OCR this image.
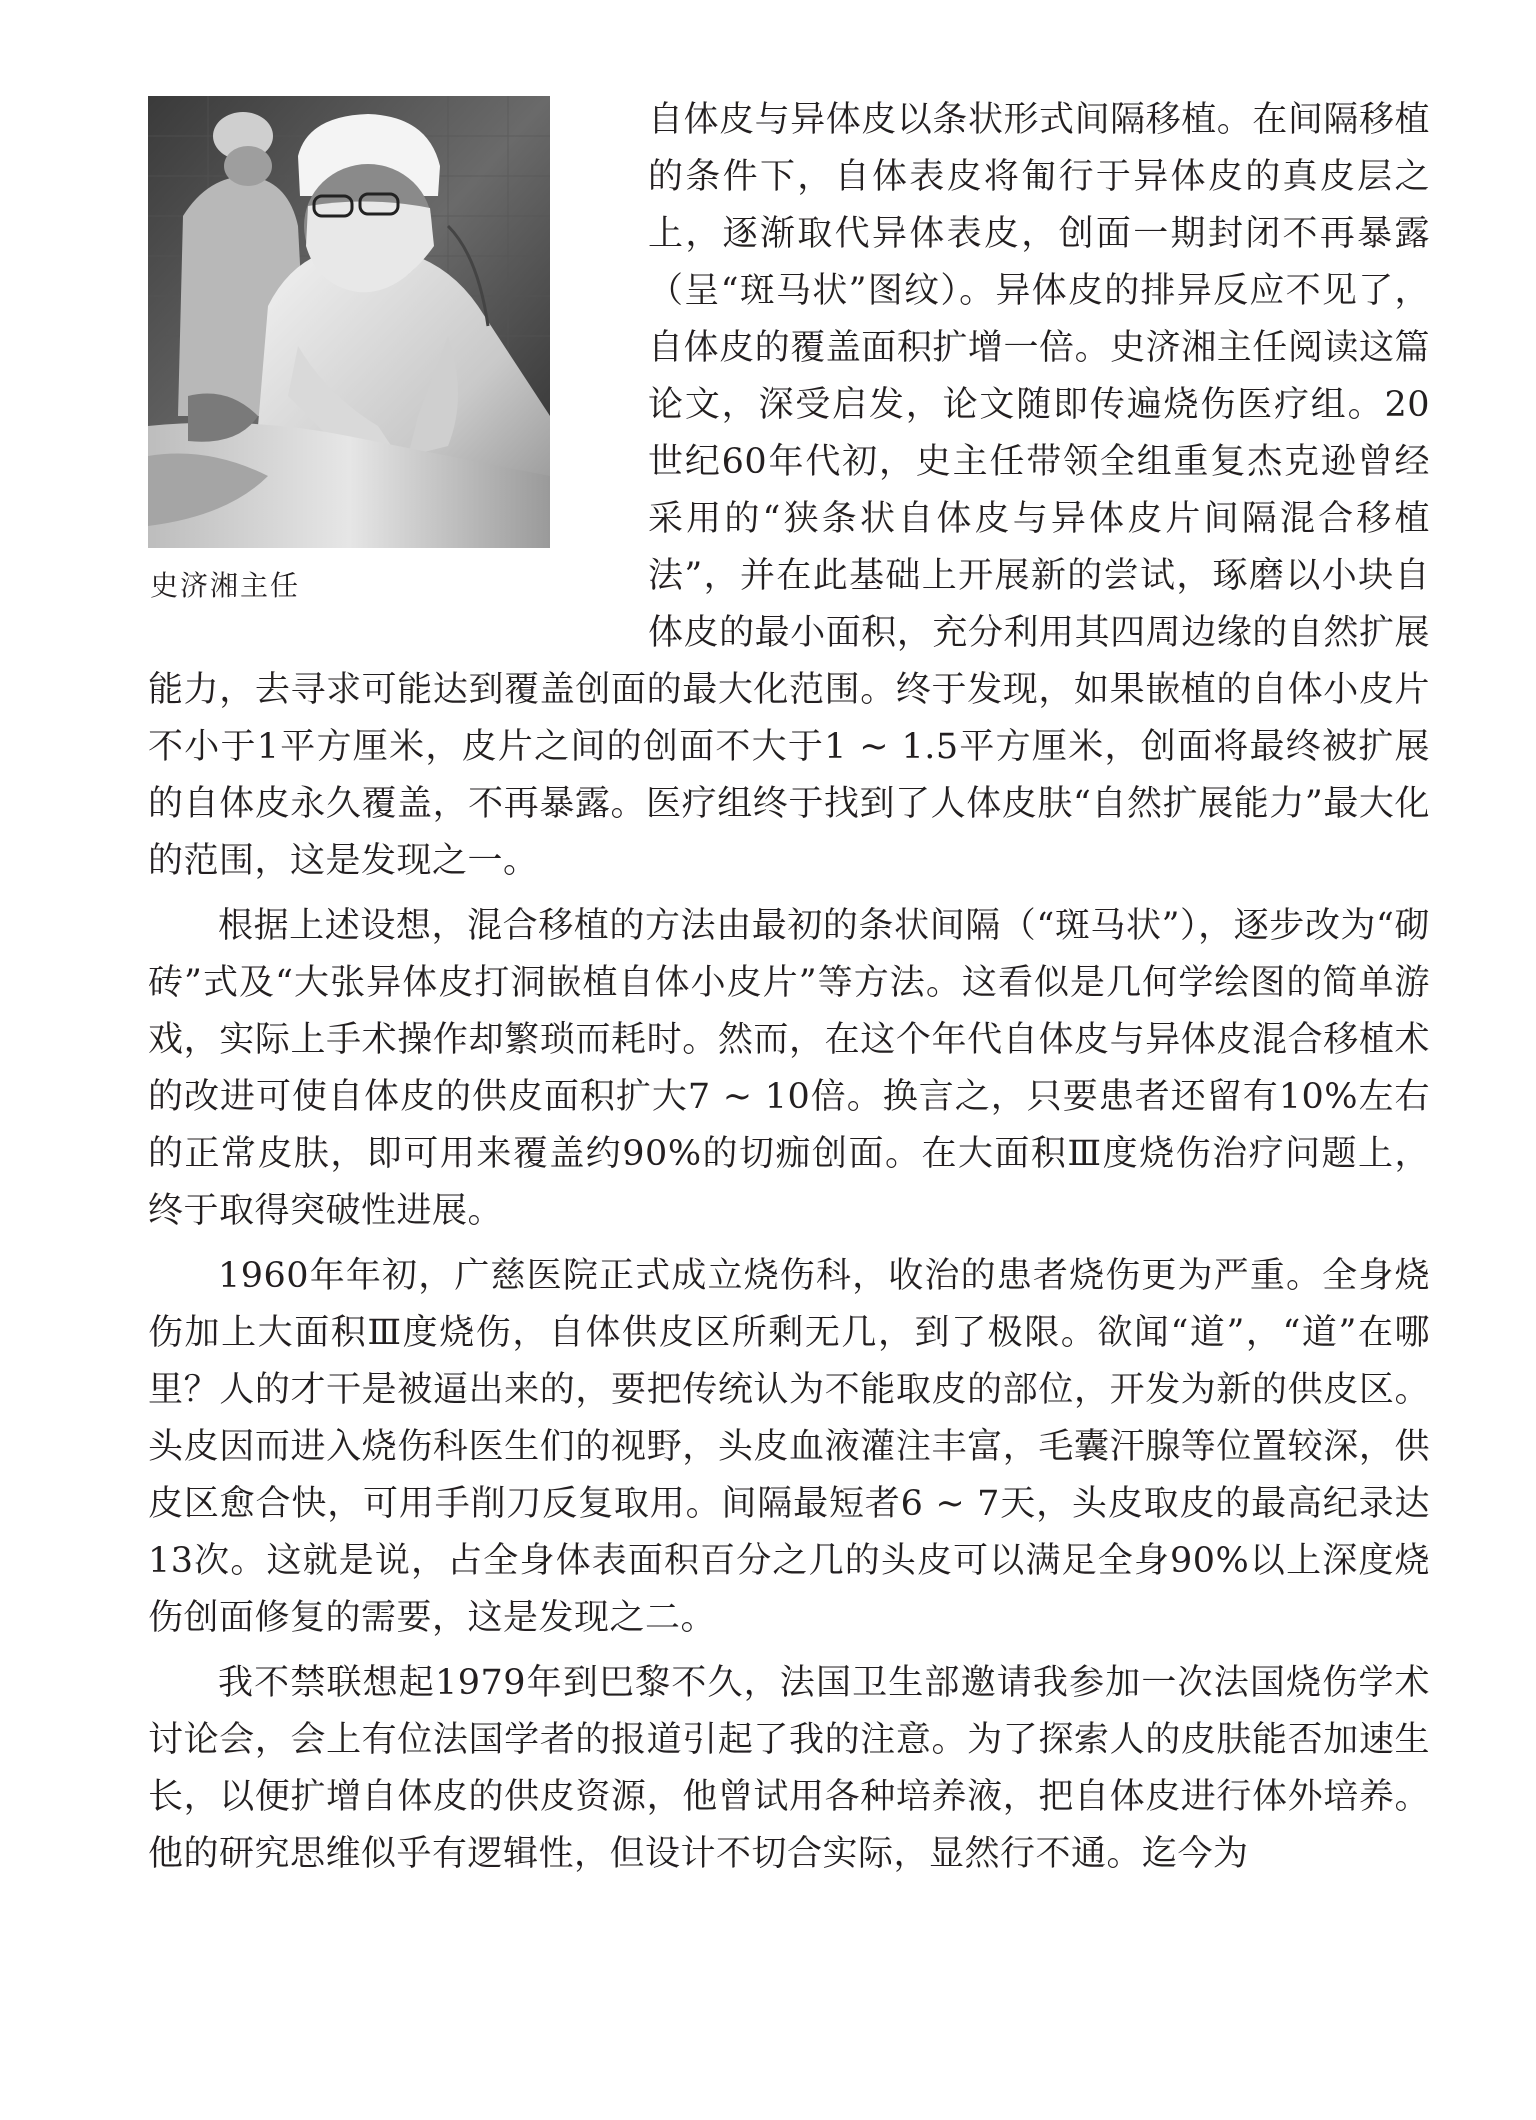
史济湘主任

自体皮与异体皮以条状形式间隔移植。在间隔移植的条件下，自体表皮将匍行于异体皮的真皮层之上，逐渐取代异体表皮，创面一期封闭不再暴露（呈“斑马状”图纹）。异体皮的排异反应不见了，自体皮的覆盖面积扩增一倍。史济湘主任阅读这篇论文，深受启发，论文随即传遍烧伤医疗组。20世纪60年代初，史主任带领全组重复杰克逊曾经采用的“狭条状自体皮与异体皮片间隔混合移植法”，并在此基础上开展新的尝试，琢磨以小块自体皮的最小面积，充分利用其四周边缘的自然扩展能力，去寻求可能达到覆盖创面的最大化范围。终于发现，如果嵌植的自体小皮片不小于1平方厘米，皮片之间的创面不大于1 ~ 1.5平方厘米，创面将最终被扩展的自体皮永久覆盖，不再暴露。医疗组终于找到了人体皮肤“自然扩展能力”最大化的范围，这是发现之一。

根据上述设想，混合移植的方法由最初的条状间隔（“斑马状”），逐步改为“砌砖”式及“大张异体皮打洞嵌植自体小皮片”等方法。这看似是几何学绘图的简单游戏，实际上手术操作却繁琐而耗时。然而，在这个年代自体皮与异体皮混合移植术的改进可使自体皮的供皮面积扩大7 ~ 10倍。换言之，只要患者还留有10%左右的正常皮肤，即可用来覆盖约90%的切痂创面。在大面积Ⅲ度烧伤治疗问题上，终于取得突破性进展。

1960年年初，广慈医院正式成立烧伤科，收治的患者烧伤更为严重。全身烧伤加上大面积Ⅲ度烧伤，自体供皮区所剩无几，到了极限。欲闻“道”，“道”在哪里？人的才干是被逼出来的，要把传统认为不能取皮的部位，开发为新的供皮区。头皮因而进入烧伤科医生们的视野，头皮血液灌注丰富，毛囊汗腺等位置较深，供皮区愈合快，可用手削刀反复取用。间隔最短者6 ~ 7天，头皮取皮的最高纪录达13次。这就是说，占全身体表面积百分之几的头皮可以满足全身90%以上深度烧伤创面修复的需要，这是发现之二。

我不禁联想起1979年到巴黎不久，法国卫生部邀请我参加一次法国烧伤学术讨论会，会上有位法国学者的报道引起了我的注意。为了探索人的皮肤能否加速生长，以便扩增自体皮的供皮资源，他曾试用各种培养液，把自体皮进行体外培养。他的研究思维似乎有逻辑性，但设计不切合实际，显然行不通。迄今为
